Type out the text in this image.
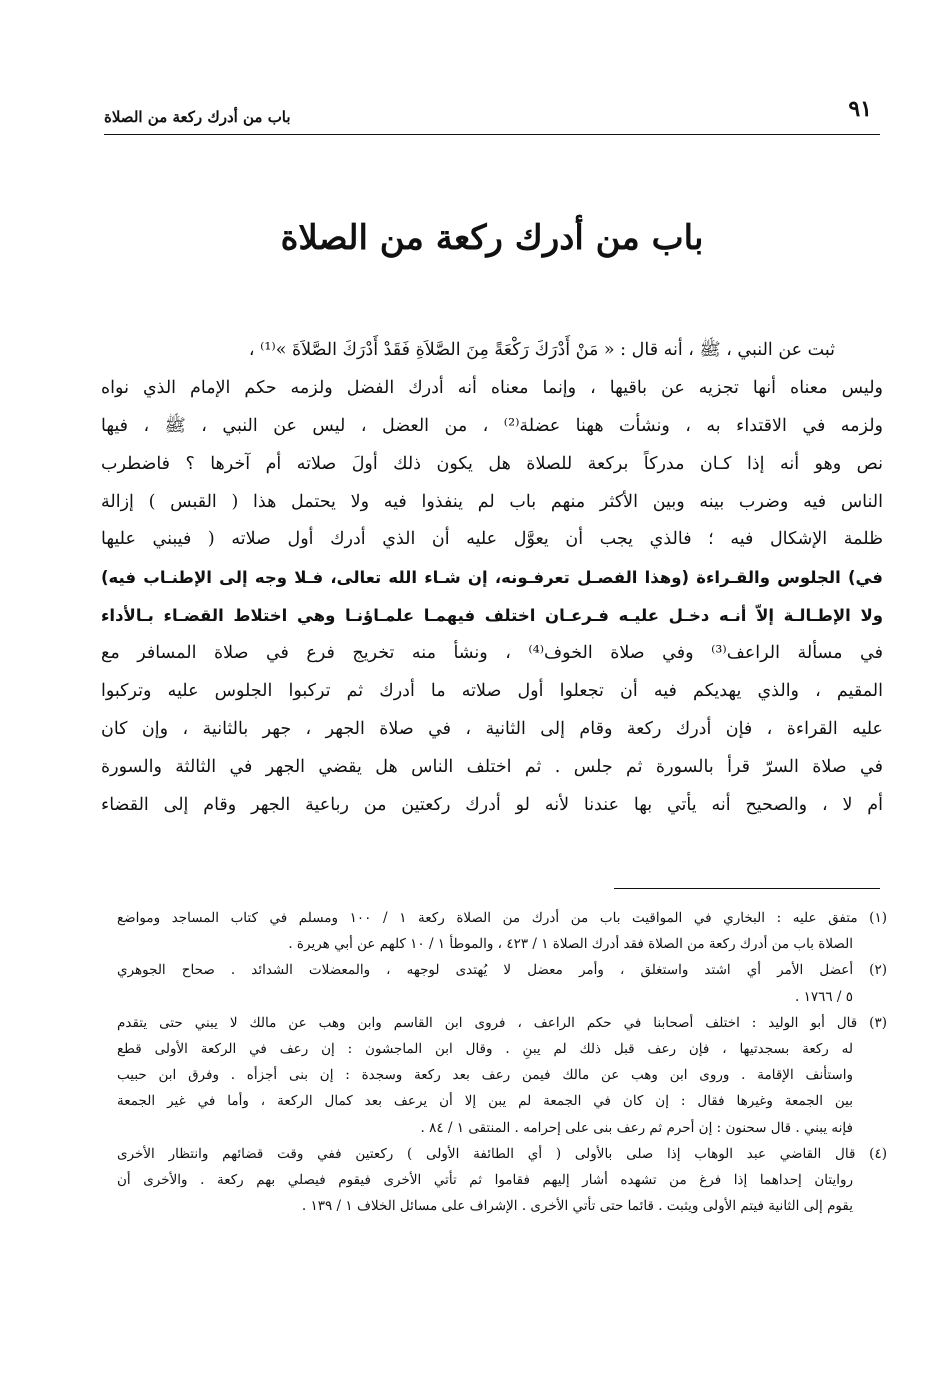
٩١
باب من أدرك ركعة من الصلاة
باب من أدرك ركعة من الصلاة
ثبت عن النبي ، ﷺ ، أنه قال : « مَنْ أَدْرَكَ رَكْعَةً مِنَ الصَّلاَةِ فَقَدْ أَدْرَكَ الصَّلاَةَ »⁽¹⁾ ،
وليس معناه أنها تجزيه عن باقيها ، وإنما معناه أنه أدرك الفضل ولزمه حكم الإمام الذي نواه
ولزمه في الاقتداء به ، ونشأت ههنا عضلة⁽²⁾ ، من العضل ، ليس عن النبي ، ﷺ ، فيها
نص وهو أنه إذا كـان مدركاً بركعة للصلاة هل يكون ذلك أولَ صلاته أم آخرها ؟ فاضطرب
الناس فيه وضرب بينه وبين الأكثر منهم باب لم ينفذوا فيه ولا يحتمل هذا ( القبس ) إزالة
ظلمة الإشكال فيه ؛ فالذي يجب أن يعوَّل عليه أن الذي أدرك أول صلاته ( فيبني عليها
في) الجلوس والقـراءة (وهذا الفصـل تعرفـونه، إن شـاء الله تعالى، فـلا وجه إلى الإطنـاب فيه)
ولا الإطـالـة إلاّ أنـه دخـل عليـه فـرعـان اختلف فيهمـا علمـاؤنـا وهي اختلاط القضـاء بـالأداء
في مسألة الراعف⁽³⁾ وفي صلاة الخوف⁽⁴⁾ ، ونشأ منه تخريج فرع في صلاة المسافر مع
المقيم ، والذي يهديكم فيه أن تجعلوا أول صلاته ما أدرك ثم تركبوا الجلوس عليه وتركبوا
عليه القراءة ، فإن أدرك ركعة وقام إلى الثانية ، في صلاة الجهر ، جهر بالثانية ، وإن كان
في صلاة السرّ قرأ بالسورة ثم جلس . ثم اختلف الناس هل يقضي الجهر في الثالثة والسورة
أم لا ، والصحيح أنه يأتي بها عندنا لأنه لو أدرك ركعتين من رباعية الجهر وقام إلى القضاء
(١) متفق عليه : البخاري في المواقيت باب من أدرك من الصلاة ركعة ١ / ١٠٠ ومسلم في كتاب المساجد ومواضع
الصلاة باب من أدرك ركعة من الصلاة فقد أدرك الصلاة ١ / ٤٢٣ ، والموطأ ١ / ١٠ كلهم عن أبي هريرة .
(٢) أعضل الأمر أي اشتد واستغلق ، وأمر معضل لا يُهتدى لوجهه ، والمعضلات الشدائد . صحاح الجوهري
٥ / ١٧٦٦ .
(٣) قال أبو الوليد : اختلف أصحابنا في حكم الراعف ، فروى ابن القاسم وابن وهب عن مالك لا يبني حتى يتقدم
له ركعة بسجدتيها ، فإن رعف قبل ذلك لم يبنِ . وقال ابن الماجشون : إن رعف في الركعة الأولى قطع
واستأنف الإقامة . وروى ابن وهب عن مالك فيمن رعف بعد ركعة وسجدة : إن بنى أجزأه . وفرق ابن حبيب
بين الجمعة وغيرها فقال : إن كان في الجمعة لم يبن إلا أن يرعف بعد كمال الركعة ، وأما في غير الجمعة
فإنه يبني . قال سحنون : إن أحرم ثم رعف بنى على إحرامه . المنتقى ١ / ٨٤ .
(٤) قال القاضي عبد الوهاب إذا صلى بالأولى ( أي الطائفة الأولى ) ركعتين ففي وقت قضائهم وانتظار الأخرى
روايتان إحداهما إذا فرغ من تشهده أشار إليهم فقاموا ثم تأتي الأخرى فيقوم فيصلي بهم ركعة . والأخرى أن
يقوم إلى الثانية فيتم الأولى ويثبت . قائما حتى تأتي الأخرى . الإشراف على مسائل الخلاف ١ / ١٣٩ .
